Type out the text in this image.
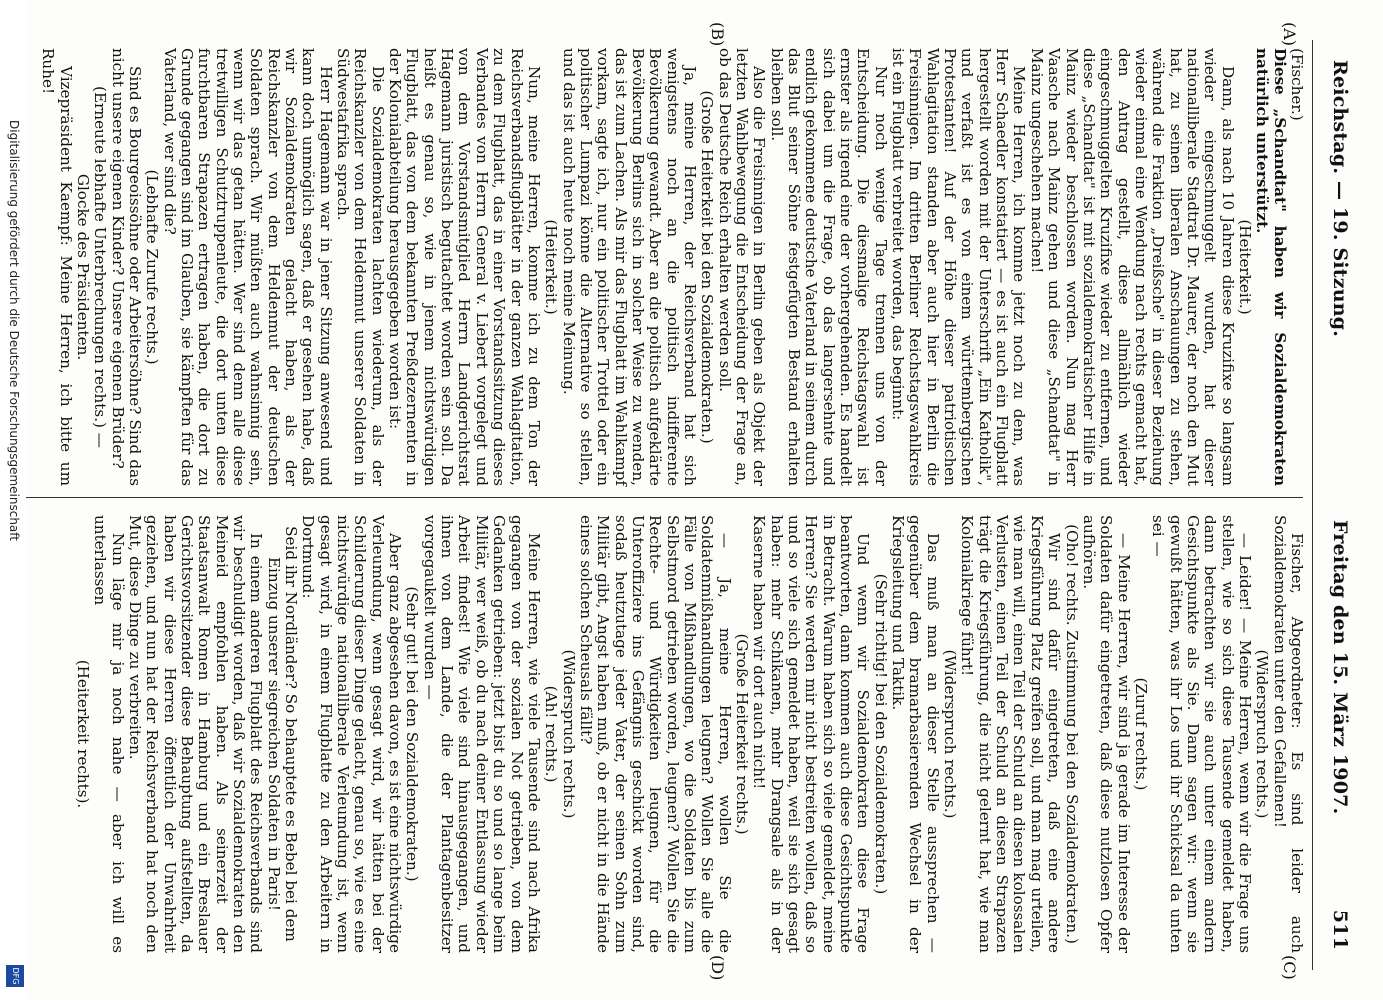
Reichstag. — 19. Sitzung.
Freitag den 15. März 1907.
511
(A)
(B)
(C)
(D)

(Fischer.)

Diese „Schandtat" haben wir Sozialdemokraten natürlich unterstützt.

(Heiterkeit.)

Dann, als nach 10 Jahren diese Kruzifixe so langsam wieder eingeschmuggelt wurden, hat dieser nationalliberale Stadtrat Dr. Maurer, der noch den Mut hat, zu seinen liberalen Anschauungen zu stehen, während die Fraktion „Dreißsche" in dieser Beziehung wieder einmal eine Wendung nach rechts gemacht hat, den Antrag gestellt, diese allmählich wieder eingeschmuggelten Kruzifixe wieder zu entfernen, und diese „Schandtat" ist mit sozialdemokratischer Hilfe in Mainz wieder beschlossen worden. Nun mag Herr Vaasche nach Mainz gehen und diese „Schandtat" in Mainz ungeschehen machen!

Meine Herren, ich komme jetzt noch zu dem, was Herr Schaedler konstatiert — es ist auch ein Flugblatt hergestellt worden mit der Unterschrift „Ein Katholik", und verfaßt ist es von einem württembergischen Protestanten! Auf der Höhe dieser patriotischen Wahlagitation standen aber auch hier in Berlin die Freisinnigen. Im dritten Berliner Reichstagswahlkreis ist ein Flugblatt verbreitet worden, das beginnt:

Nur noch wenige Tage trennen uns von der Entscheidung. Die diesmalige Reichstagswahl ist ernster als irgend eine der vorhergehenden. Es handelt sich dabei um die Frage, ob das langersehnte und endlich gekommene deutsche Vaterland in seinem durch das Blut seiner Söhne festgefügten Bestand erhalten bleiben soll.

Also die Freisinnigen in Berlin geben als Objekt der letzten Wahlbewegung die Entscheidung der Frage an, ob das Deutsche Reich erhalten werden soll.

(Große Heiterkeit bei den Sozialdemokraten.)

Ja, meine Herren, der Reichsverband hat sich wenigstens noch an die politisch indifferente Bevölkerung gewandt. Aber an die politisch aufgeklärte Bevölkerung Berlins sich in solcher Weise zu wenden, das ist zum Lachen. Als mir das Flugblatt im Wahlkampf vorkam, sagte ich, nur ein politischer Trottel oder ein politischer Lumpazi könne die Alternative so stellen, und das ist auch heute noch meine Meinung.

(Heiterkeit.)

Nun, meine Herren, komme ich zu dem Ton der Reichsverbandsflugblätter in der ganzen Wahlagitation, zu dem Flugblatt, das in einer Vorstandssitzung dieses Verbandes von Herrn General v. Liebert vorgelegt und von dem Vorstandsmitglied Herrn Landgerichtsrat Hagemann juristisch begutachtet worden sein soll. Da heißt es genau so, wie in jenem nichtswürdigen Flugblatt, das von dem bekannten Preßdezernenten in der Kolonialabteilung herausgegeben worden ist:

Die Sozialdemokraten lachten wiederum, als der Reichskanzler von dem Heldenmut unserer Soldaten in Südwestafrika sprach.

Herr Hagemann war in jener Sitzung anwesend und kann doch unmöglich sagen, daß er gesehen habe, daß wir Sozialdemokraten gelacht haben, als der Reichskanzler von dem Heldenmut der deutschen Soldaten sprach. Wir müßten auch wahnsinnig sein, wenn wir das getan hätten. Wer sind denn alle diese tretwilligen Schutztruppenleute, die dort unten diese furchtbaren Strapazen ertragen haben, die dort zu Grunde gegangen sind im Glauben, sie kämpften für das Vaterland, wer sind die?

(Lebhafte Zurufe rechts.)

Sind es Bourgeoissöhne oder Arbeitersöhne? Sind das nicht unsere eigenen Kinder? Unsere eigenen Brüder?

(Erneute lebhafte Unterbrechungen rechts.) —

Glocke des Präsidenten.

Vizepräsident Kaempf: Meine Herren, ich bitte um Ruhe!

Fischer, Abgeordneter: Es sind leider auch Sozialdemokraten unter den Gefallenen!

(Widerspruch rechts.)

— Leider! — Meine Herren, wenn wir die Frage uns stellen, wie so sich diese Tausende gemeldet haben, dann betrachten wir sie auch unter einem andern Gesichtspunkte als Sie. Dann sagen wir: wenn sie gewußt hätten, was ihr Los und ihr Schicksal da unten sei —

(Zuruf rechts.)

— Meine Herren, wir sind ja gerade im Interesse der Soldaten dafür eingetreten, daß diese nutzlosen Opfer aufhören.

(Oho! rechts. Zustimmung bei den Sozialdemokraten.)

Wir sind dafür eingetreten, daß eine andere Kriegsführung Platz greifen soll, und man mag urteilen, wie man will, einen Teil der Schuld an diesen kolossalen Verlusten, einen Teil der Schuld an diesen Strapazen trägt die Kriegsführung, die nicht gelernt hat, wie man Kolonialkriege führt!

(Widerspruch rechts.)

Das muß man an dieser Stelle aussprechen — gegenüber dem bramarbasierenden Wechsel in der Kriegsleitung und Taktik.

(Sehr richtig! bei den Sozialdemokraten.)

Und wenn wir Sozialdemokraten diese Frage beantworten, dann kommen auch diese Gesichtspunkte in Betracht. Warum haben sich so viele gemeldet, meine Herren? Sie werden mir nicht bestreiten wollen, daß so und so viele sich gemeldet haben, weil sie sich gesagt haben: mehr Schikanen, mehr Drangsale als in der Kaserne haben wir dort auch nicht!

(Große Heiterkeit rechts.)

— Ja, meine Herren, wollen Sie die Soldatenmißhandlungen leugnen? Wollen Sie alle die Fälle von Mißhandlungen, wo die Soldaten bis zum Selbstmord getrieben worden, leugnen? Wollen Sie die Rechte- und Würdigkeiten leugnen, für die Unteroffiziere ins Gefängnis geschickt worden sind, sodaß heutzutage jeder Vater, der seinen Sohn zum Militär gibt, Angst haben muß, ob er nicht in die Hände eines solchen Scheusals fällt?

(Widerspruch rechts.)

(Ah! rechts.)

Meine Herren, wie viele Tausende sind nach Afrika gegangen von der sozialen Not getrieben, von dem Gedanken getrieben: jetzt bist du so und so lange beim Militär, wer weiß, ob du nach deiner Entlassung wieder Arbeit findest! Wie viele sind hinausgegangen, und ihnen von dem Lande, die der Plantagenbesitzer vorgegaukelt wurden —

(Sehr gut! bei den Sozialdemokraten.)

Aber ganz abgesehen davon, es ist eine nichtswürdige Verleumdung, wenn gesagt wird, wir hätten bei der Schilderung dieser Dinge gelacht, genau so, wie es eine nichtswürdige nationalliberale Verleumdung ist, wenn gesagt wird, in einem Flugblatte zu den Arbeitern in Dortmund:

Seid ihr Nordländer? So behauptete es Bebel bei dem Einzug unserer siegreichen Soldaten in Paris!

In einem anderen Flugblatt des Reichsverbands sind wir beschuldigt worden, daß wir Sozialdemokraten den Meineid empfohlen haben. Als seinerzeit der Staatsanwalt Romen in Hamburg und ein Breslauer Gerichtsvorsitzender diese Behauptung aufstellten, da haben wir diese Herren öffentlich der Unwahrheit geziehen, und nun hat der Reichsverband hat noch den Mut, diese Dinge zu verbreiten.

Nun läge mir ja noch nahe — aber ich will es unterlassen

(Heiterkeit rechts).

Digitalisierung gefördert durch die Deutsche Forschungsgemeinschaft
DFG
